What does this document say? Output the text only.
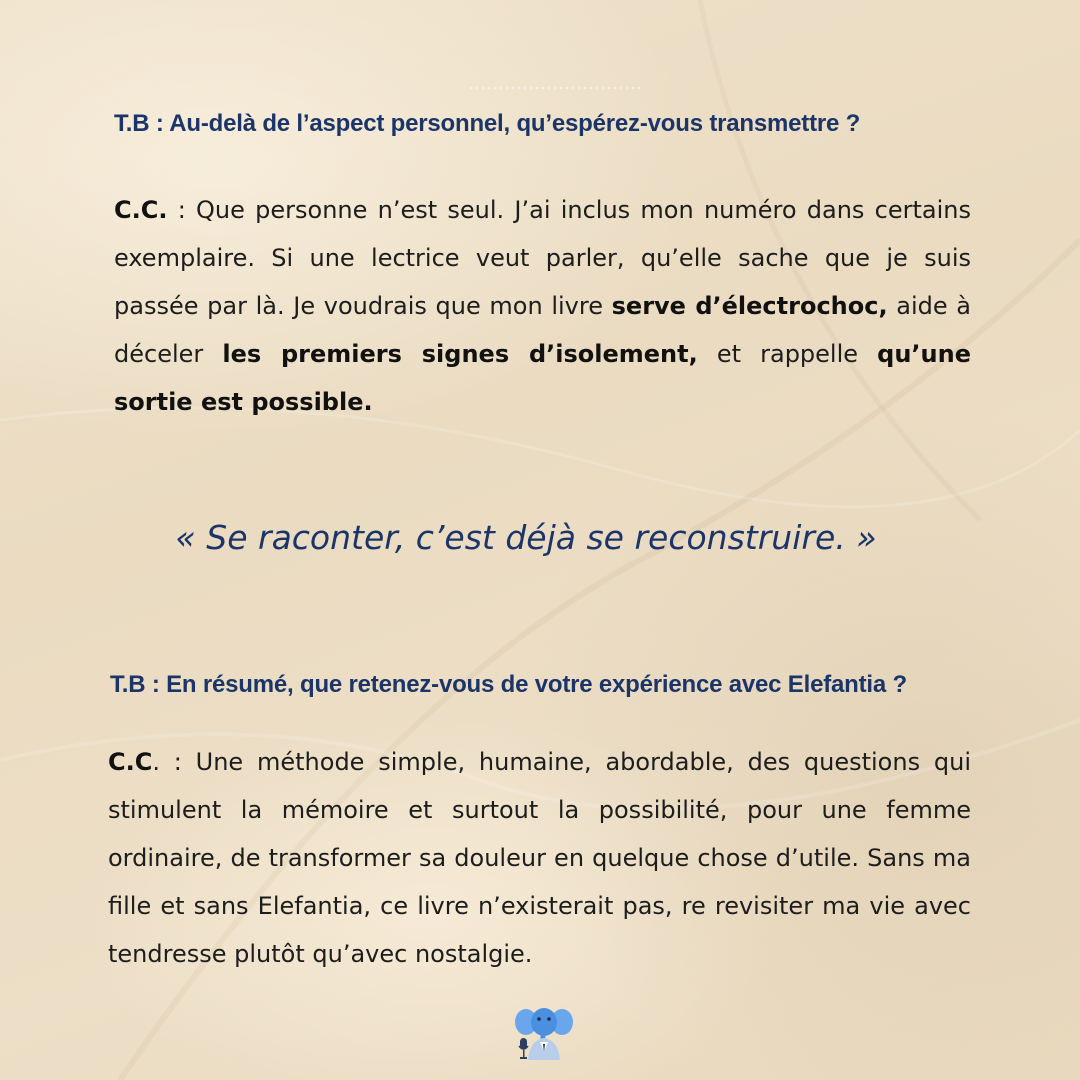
T.B : Au-delà de l’aspect personnel, qu’espérez-vous transmettre ?

C.C. : Que personne n’est seul. J’ai inclus mon numéro dans certains exemplaire. Si une lectrice veut parler, qu’elle sache que je suis passée par là. Je voudrais que mon livre serve d’électrochoc, aide à déceler les premiers signes d’isolement, et rappelle qu’une sortie est possible.

« Se raconter, c’est déjà se reconstruire. »

T.B : En résumé, que retenez-vous de votre expérience avec Elefantia ?

C.C. : Une méthode simple, humaine, abordable, des questions qui stimulent la mémoire et surtout la possibilité, pour une femme ordinaire, de transformer sa douleur en quelque chose d’utile. Sans ma fille et sans Elefantia, ce livre n’existerait pas, re revisiter ma vie avec tendresse plutôt qu’avec nostalgie.
